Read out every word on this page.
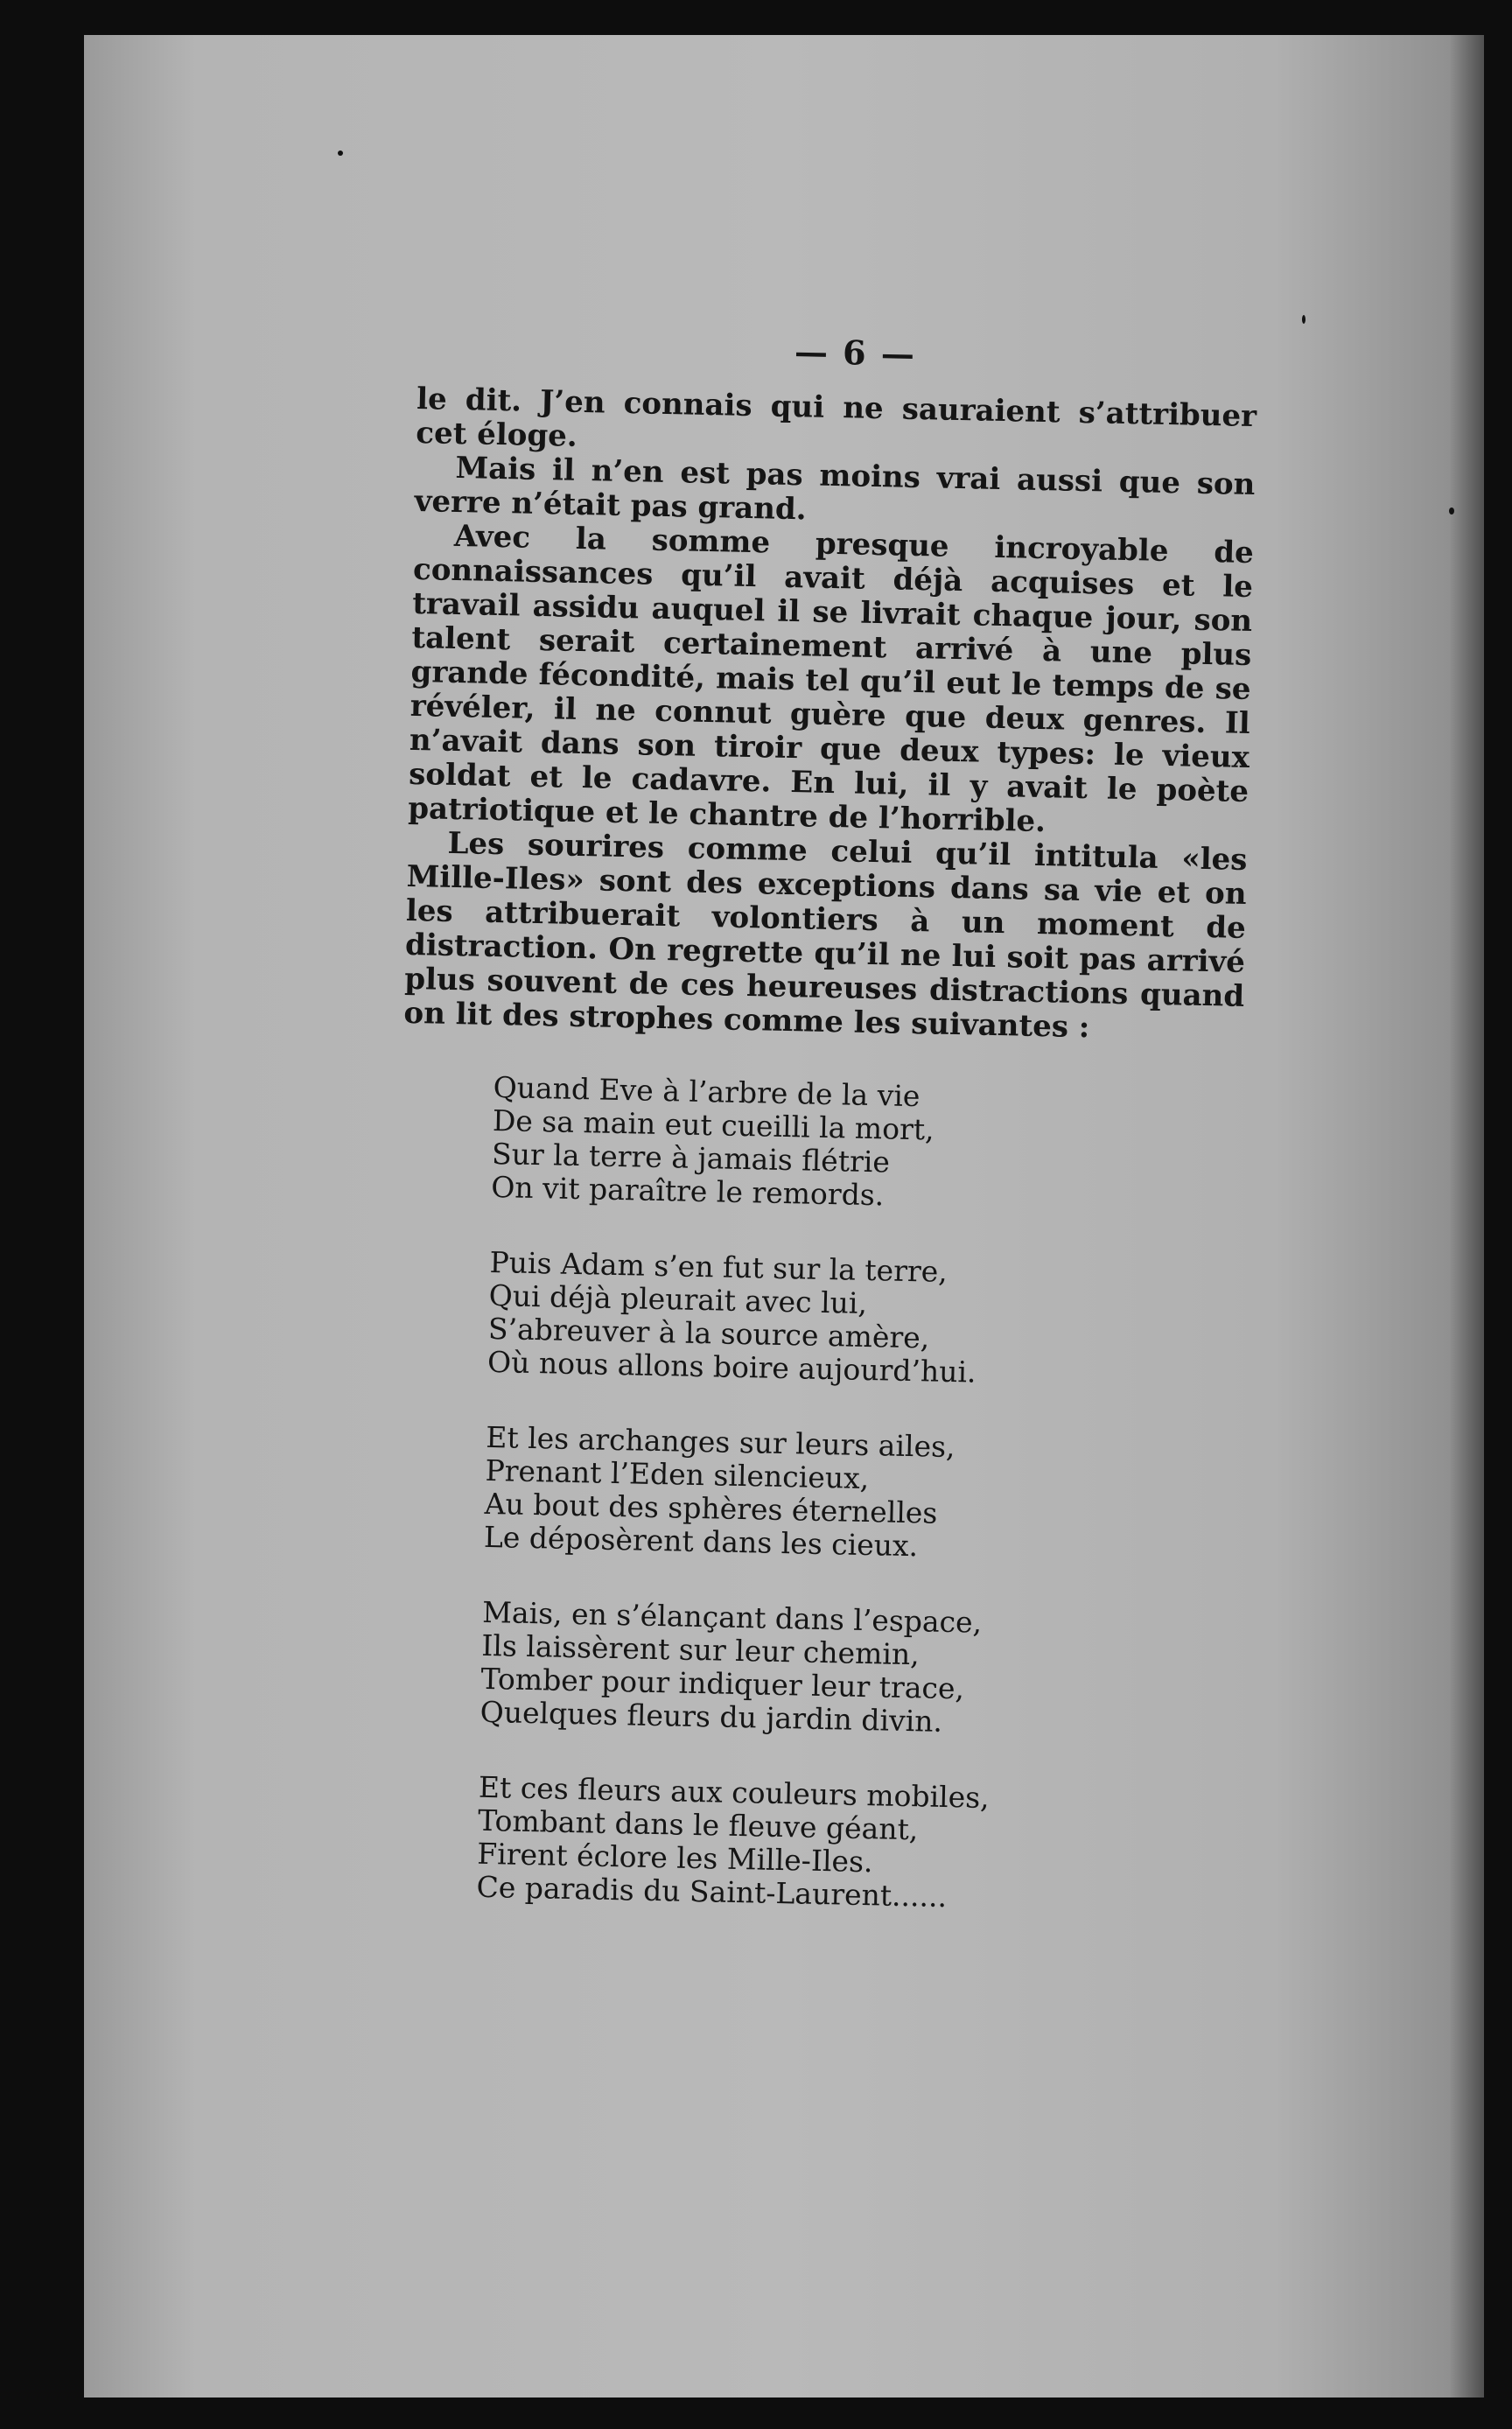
— 6 —

le dit. J’en connais qui ne sauraient s’attribuer cet éloge.

Mais il n’en est pas moins vrai aussi que son verre n’était pas grand.

Avec la somme presque incroyable de connaissances qu’il avait déjà acquises et le travail assidu auquel il se livrait chaque jour, son talent serait certainement arrivé à une plus grande fécondité, mais tel qu’il eut le temps de se révéler, il ne connut guère que deux genres. Il n’avait dans son tiroir que deux types: le vieux soldat et le cadavre. En lui, il y avait le poète patriotique et le chantre de l’horrible.

Les sourires comme celui qu’il intitula «les Mille-Iles» sont des exceptions dans sa vie et on les attribuerait volontiers à un moment de distraction. On regrette qu’il ne lui soit pas arrivé plus souvent de ces heureuses distractions quand on lit des strophes comme les suivantes :

Quand Eve à l’arbre de la vie
De sa main eut cueilli la mort,
Sur la terre à jamais flétrie
On vit paraître le remords.
Puis Adam s’en fut sur la terre,
Qui déjà pleurait avec lui,
S’abreuver à la source amère,
Où nous allons boire aujourd’hui.
Et les archanges sur leurs ailes,
Prenant l’Eden silencieux,
Au bout des sphères éternelles
Le déposèrent dans les cieux.
Mais, en s’élançant dans l’espace,
Ils laissèrent sur leur chemin,
Tomber pour indiquer leur trace,
Quelques fleurs du jardin divin.
Et ces fleurs aux couleurs mobiles,
Tombant dans le fleuve géant,
Firent éclore les Mille-Iles.
Ce paradis du Saint-Laurent......
